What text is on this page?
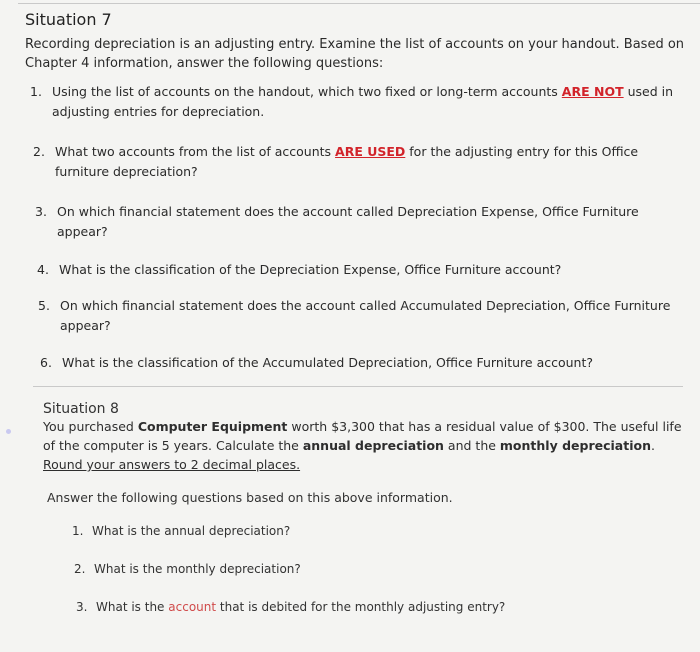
Situation 7
Recording depreciation is an adjusting entry. Examine the list of accounts on your handout. Based on Chapter 4 information, answer the following questions:
1. Using the list of accounts on the handout, which two fixed or long-term accounts ARE NOT used in adjusting entries for depreciation.
2. What two accounts from the list of accounts ARE USED for the adjusting entry for this Office furniture depreciation?
3. On which financial statement does the account called Depreciation Expense, Office Furniture appear?
4. What is the classification of the Depreciation Expense, Office Furniture account?
5. On which financial statement does the account called Accumulated Depreciation, Office Furniture appear?
6. What is the classification of the Accumulated Depreciation, Office Furniture account?
Situation 8
You purchased Computer Equipment worth $3,300 that has a residual value of $300. The useful life of the computer is 5 years. Calculate the annual depreciation and the monthly depreciation. Round your answers to 2 decimal places.
Answer the following questions based on this above information.
1. What is the annual depreciation?
2. What is the monthly depreciation?
3. What is the account that is debited for the monthly adjusting entry?
